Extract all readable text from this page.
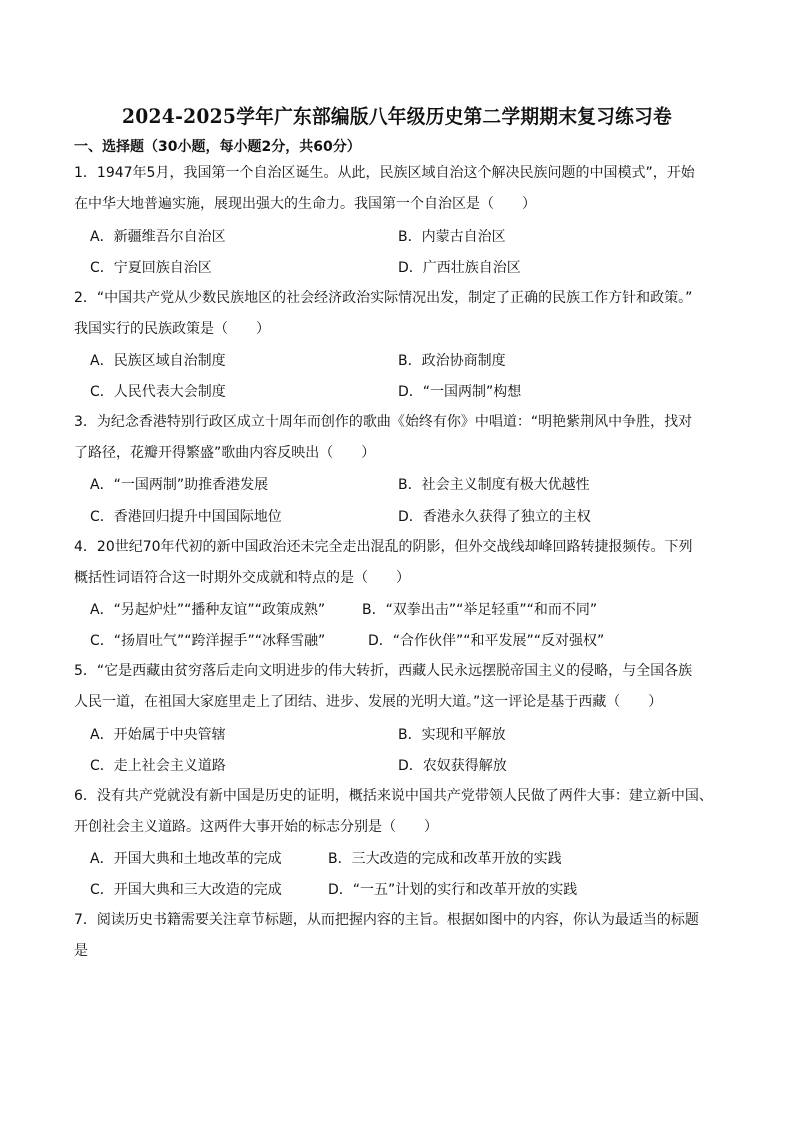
2024-2025学年广东部编版八年级历史第二学期期末复习练习卷
一、选择题（30小题，每小题2分，共60分）
1．1947年5月，我国第一个自治区诞生。从此，民族区域自治这个解决民族问题的中国模式”，开始
在中华大地普遍实施，展现出强大的生命力。我国第一个自治区是（　　）
A．新疆维吾尔自治区	B．内蒙古自治区
C．宁夏回族自治区	D．广西壮族自治区
2．“中国共产党从少数民族地区的社会经济政治实际情况出发，制定了正确的民族工作方针和政策。”
我国实行的民族政策是（　　）
A．民族区域自治制度	B．政治协商制度
C．人民代表大会制度	D．“一国两制”构想
3．为纪念香港特别行政区成立十周年而创作的歌曲《始终有你》中唱道：“明艳紫荆风中争胜，找对
了路径，花瓣开得繁盛”歌曲内容反映出（　　）
A．“一国两制”助推香港发展	B．社会主义制度有极大优越性
C．香港回归提升中国国际地位	D．香港永久获得了独立的主权
4．20世纪70年代初的新中国政治还未完全走出混乱的阴影，但外交战线却峰回路转捷报频传。下列
概括性词语符合这一时期外交成就和特点的是（　　）
A．“另起炉灶”“播种友谊”“政策成熟”	B．“双拳出击”“举足轻重”“和而不同”
C．“扬眉吐气”“跨洋握手”“冰释雪融”	D．“合作伙伴”“和平发展”“反对强权”
5．“它是西藏由贫穷落后走向文明进步的伟大转折，西藏人民永远摆脱帝国主义的侵略，与全国各族
人民一道，在祖国大家庭里走上了团结、进步、发展的光明大道。”这一评论是基于西藏（　　）
A．开始属于中央管辖	B．实现和平解放
C．走上社会主义道路	D．农奴获得解放
6．没有共产党就没有新中国是历史的证明，概括来说中国共产党带领人民做了两件大事：建立新中国、
开创社会主义道路。这两件大事开始的标志分别是（　　）
A．开国大典和土地改革的完成	B．三大改造的完成和改革开放的实践
C．开国大典和三大改造的完成	D．“一五”计划的实行和改革开放的实践
7．阅读历史书籍需要关注章节标题，从而把握内容的主旨。根据如图中的内容，你认为最适当的标题
是
